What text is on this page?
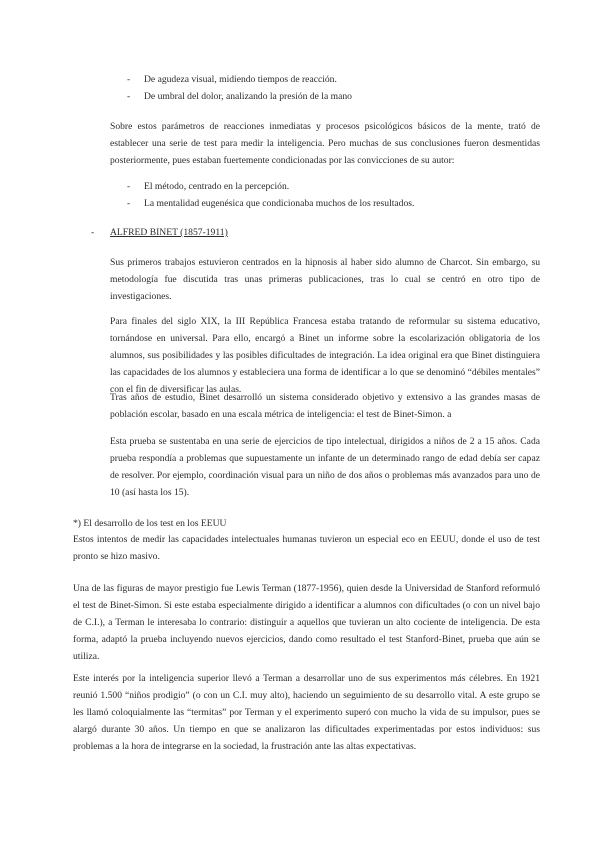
- De agudeza visual, midiendo tiempos de reacción.
- De umbral del dolor, analizando la presión de la mano

Sobre estos parámetros de reacciones inmediatas y procesos psicológicos básicos de la mente, trató de establecer una serie de test para medir la inteligencia. Pero muchas de sus conclusiones fueron desmentidas posteriormente, pues estaban fuertemente condicionadas por las convicciones de su autor:

- El método, centrado en la percepción.
- La mentalidad eugenésica que condicionaba muchos de los resultados.
- ALFRED BINET (1857-1911)

Sus primeros trabajos estuvieron centrados en la hipnosis al haber sido alumno de Charcot. Sin embargo, su metodología fue discutida tras unas primeras publicaciones, tras lo cual se centró en otro tipo de investigaciones.

Para finales del siglo XIX, la III República Francesa estaba tratando de reformular su sistema educativo, tornándose en universal. Para ello, encargó a Binet un informe sobre la escolarización obligatoria de los alumnos, sus posibilidades y las posibles dificultades de integración. La idea original era que Binet distinguiera las capacidades de los alumnos y estableciera una forma de identificar a lo que se denominó “débiles mentales” con el fin de diversificar las aulas.

Tras años de estudio, Binet desarrolló un sistema considerado objetivo y extensivo a las grandes masas de población escolar, basado en una escala métrica de inteligencia: el test de Binet-Simon. a

Esta prueba se sustentaba en una serie de ejercicios de tipo intelectual, dirigidos a niños de 2 a 15 años. Cada prueba respondía a problemas que supuestamente un infante de un determinado rango de edad debía ser capaz de resolver. Por ejemplo, coordinación visual para un niño de dos años o problemas más avanzados para uno de 10 (así hasta los 15).

*) El desarrollo de los test en los EEUU

Estos intentos de medir las capacidades intelectuales humanas tuvieron un especial eco en EEUU, donde el uso de test pronto se hizo masivo.

Una de las figuras de mayor prestigio fue Lewis Terman (1877-1956), quien desde la Universidad de Stanford reformuló el test de Binet-Simon. Si este estaba especialmente dirigido a identificar a alumnos con dificultades (o con un nivel bajo de C.I.), a Terman le interesaba lo contrario: distinguir a aquellos que tuvieran un alto cociente de inteligencia. De esta forma, adaptó la prueba incluyendo nuevos ejercicios, dando como resultado el test Stanford-Binet, prueba que aún se utiliza.

Este interés por la inteligencia superior llevó a Terman a desarrollar uno de sus experimentos más célebres. En 1921 reunió 1.500 “niños prodigio” (o con un C.I. muy alto), haciendo un seguimiento de su desarrollo vital. A este grupo se les llamó coloquialmente las “termitas” por Terman y el experimento superó con mucho la vida de su impulsor, pues se alargó durante 30 años. Un tiempo en que se analizaron las dificultades experimentadas por estos individuos: sus problemas a la hora de integrarse en la sociedad, la frustración ante las altas expectativas.
